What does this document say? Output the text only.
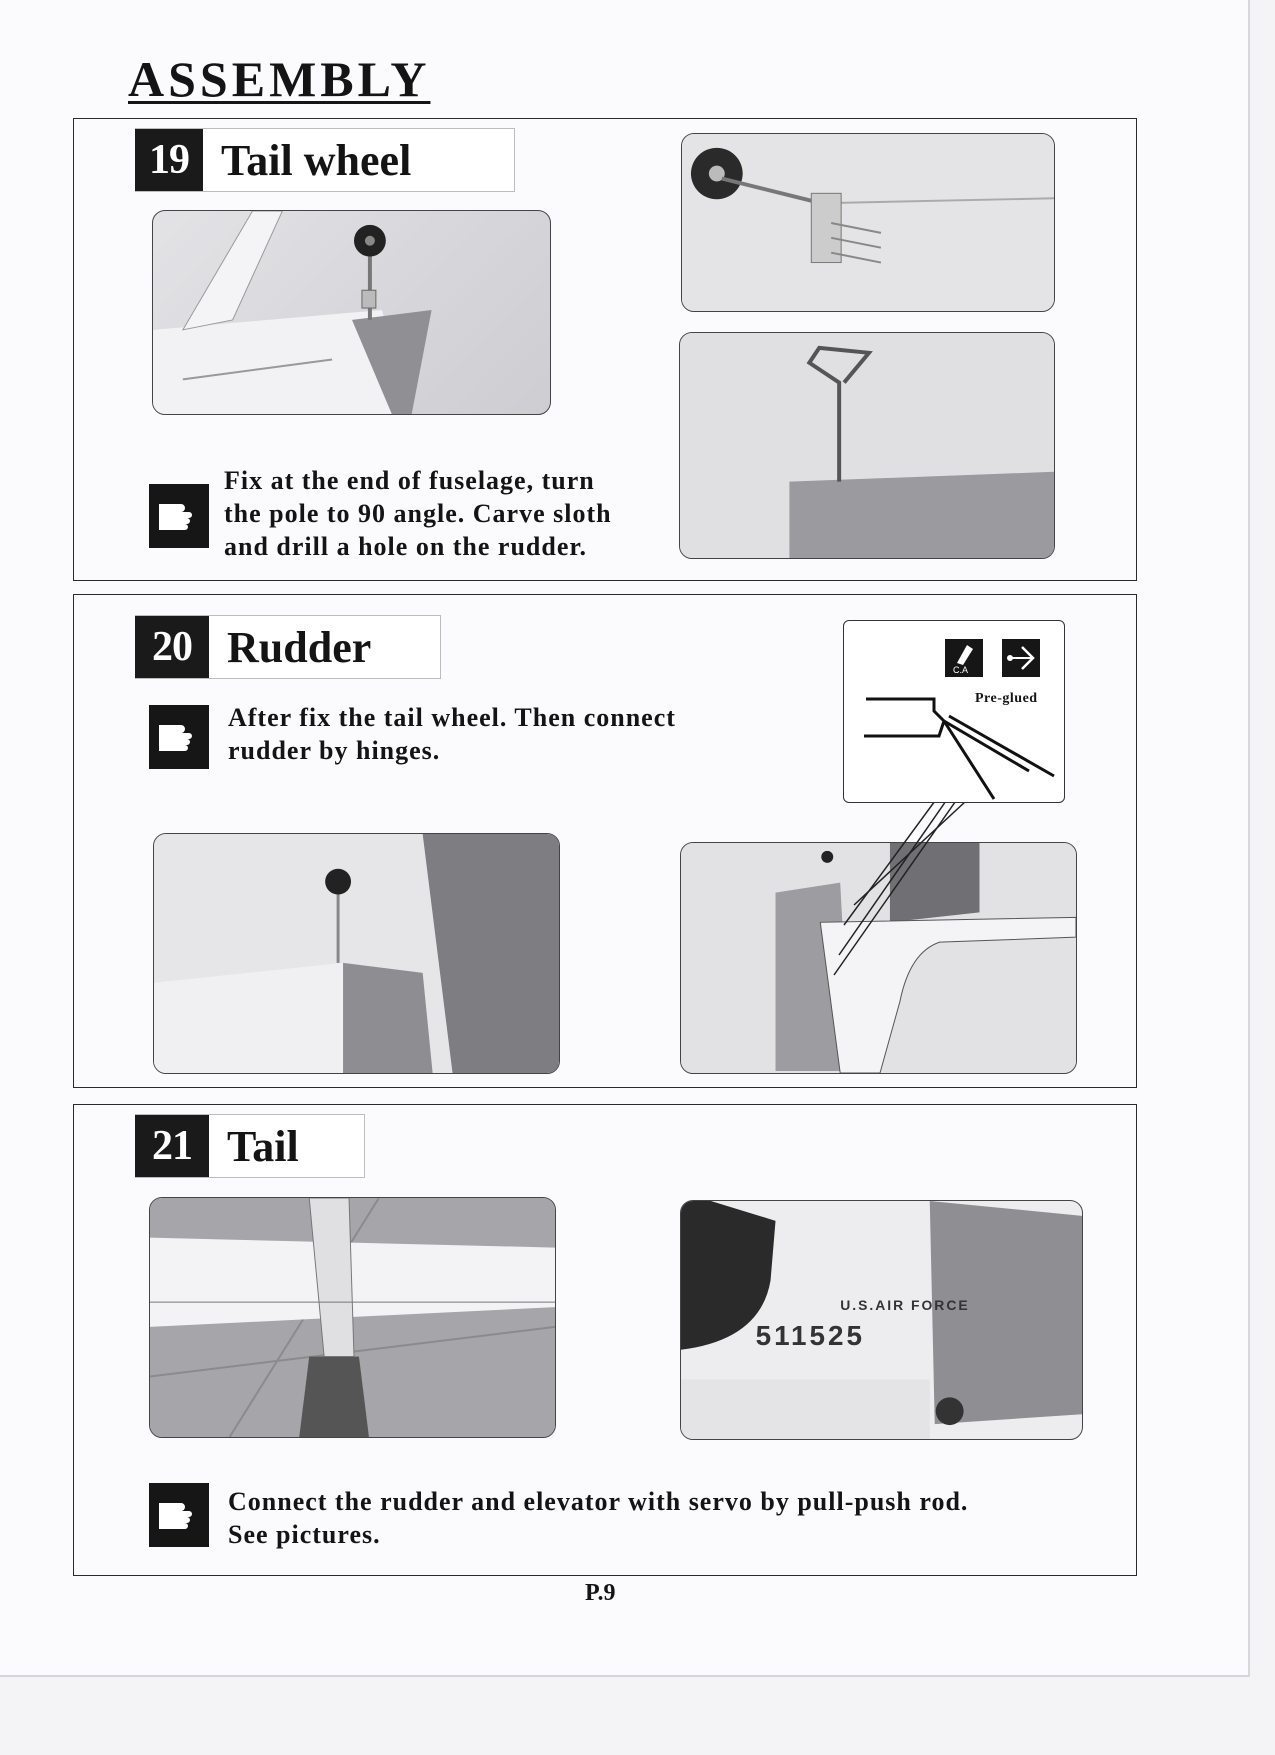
ASSEMBLY
19 Tail wheel
Fix at the end of fuselage, turn
the pole to 90 angle. Carve sloth
and drill a hole on the rudder.
20 Rudder
After fix the tail wheel. Then connect
rudder by hinges.
C.A
Pre-glued
21 Tail
U.S.AIR FORCE
511525
Connect the rudder and elevator with servo by pull-push rod.
See pictures.
P.9
